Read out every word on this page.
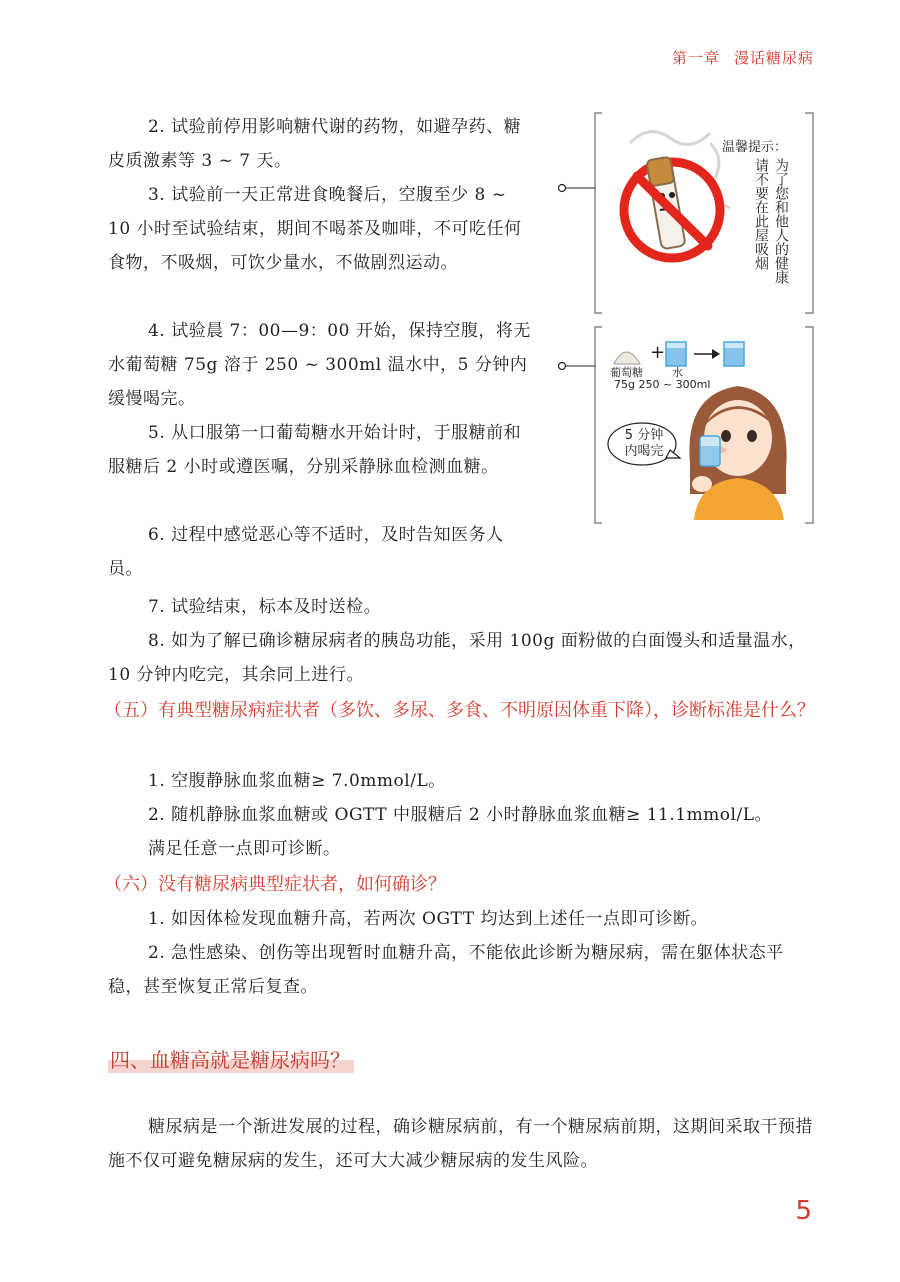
第一章 漫话糖尿病
2. 试验前停用影响糖代谢的药物，如避孕药、糖皮质激素等 3 ~ 7 天。
3. 试验前一天正常进食晚餐后，空腹至少 8 ~ 10 小时至试验结束，期间不喝茶及咖啡，不可吃任何食物，不吸烟，可饮少量水，不做剧烈运动。
4. 试验晨 7：00—9：00 开始，保持空腹，将无水葡萄糖 75g 溶于 250 ~ 300ml 温水中，5 分钟内缓慢喝完。
5. 从口服第一口葡萄糖水开始计时，于服糖前和服糖后 2 小时或遵医嘱，分别采静脉血检测血糖。
6. 过程中感觉恶心等不适时，及时告知医务人员。
7. 试验结束，标本及时送检。
8. 如为了解已确诊糖尿病者的胰岛功能，采用 100g 面粉做的白面馒头和适量温水，10 分钟内吃完，其余同上进行。
（五）有典型糖尿病症状者（多饮、多尿、多食、不明原因体重下降），诊断标准是什么？
1. 空腹静脉血浆血糖≥ 7.0mmol/L。
2. 随机静脉血浆血糖或 OGTT 中服糖后 2 小时静脉血浆血糖≥ 11.1mmol/L。
满足任意一点即可诊断。
（六）没有糖尿病典型症状者，如何确诊？
1. 如因体检发现血糖升高，若两次 OGTT 均达到上述任一点即可诊断。
2. 急性感染、创伤等出现暂时血糖升高，不能依此诊断为糖尿病，需在躯体状态平稳，甚至恢复正常后复查。
四、血糖高就是糖尿病吗？
糖尿病是一个渐进发展的过程，确诊糖尿病前，有一个糖尿病前期，这期间采取干预措施不仅可避免糖尿病的发生，还可大大减少糖尿病的发生风险。
5
温馨提示：
为了您和他人的健康
请不要在此屋吸烟
+
葡萄糖	水
75g 250 ~ 300ml
5 分钟内喝完
